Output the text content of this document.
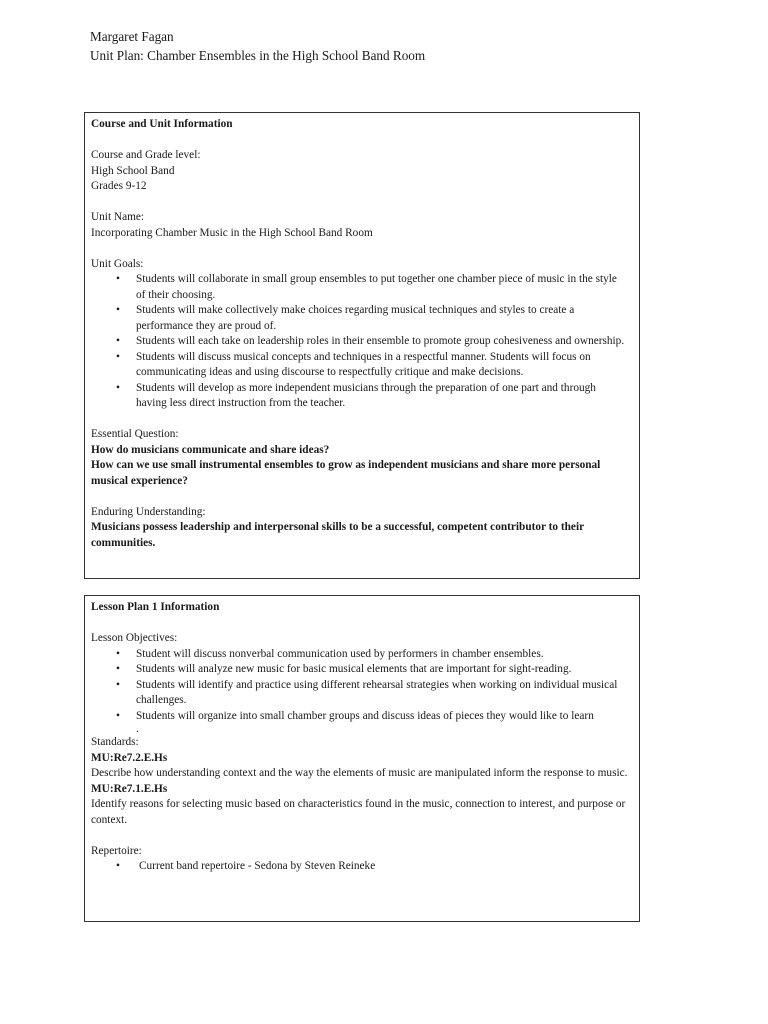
Margaret Fagan
Unit Plan: Chamber Ensembles in the High School Band Room
Course and Unit Information
Course and Grade level:
High School Band
Grades 9-12
Unit Name:
Incorporating Chamber Music in the High School Band Room
Unit Goals:
• Students will collaborate in small group ensembles to put together one chamber piece of music in the style of their choosing.
• Students will make collectively make choices regarding musical techniques and styles to create a performance they are proud of.
• Students will each take on leadership roles in their ensemble to promote group cohesiveness and ownership.
• Students will discuss musical concepts and techniques in a respectful manner. Students will focus on communicating ideas and using discourse to respectfully critique and make decisions.
• Students will develop as more independent musicians through the preparation of one part and through having less direct instruction from the teacher.
Essential Question:
How do musicians communicate and share ideas?
How can we use small instrumental ensembles to grow as independent musicians and share more personal musical experience?
Enduring Understanding:
Musicians possess leadership and interpersonal skills to be a successful, competent contributor to their communities.
Lesson Plan 1 Information
Lesson Objectives:
• Student will discuss nonverbal communication used by performers in chamber ensembles.
• Students will analyze new music for basic musical elements that are important for sight-reading.
• Students will identify and practice using different rehearsal strategies when working on individual musical challenges.
• Students will organize into small chamber groups and discuss ideas of pieces they would like to learn
.
Standards:
MU:Re7.2.E.Hs
Describe how understanding context and the way the elements of music are manipulated inform the response to music.
MU:Re7.1.E.Hs
Identify reasons for selecting music based on characteristics found in the music, connection to interest, and purpose or context.
Repertoire:
• Current band repertoire - Sedona by Steven Reineke
